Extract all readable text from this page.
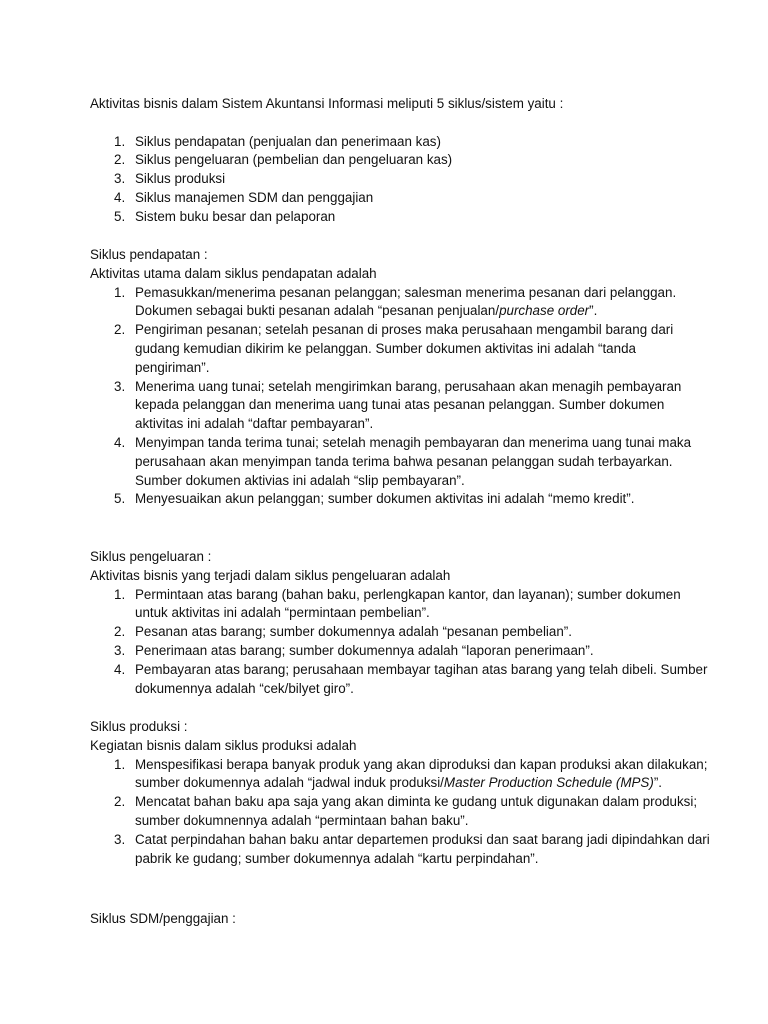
Aktivitas bisnis dalam Sistem Akuntansi Informasi meliputi 5 siklus/sistem yaitu :

1. Siklus pendapatan (penjualan dan penerimaan kas)
2. Siklus pengeluaran (pembelian dan pengeluaran kas)
3. Siklus produksi
4. Siklus manajemen SDM dan penggajian
5. Sistem buku besar dan pelaporan

Siklus pendapatan :

Aktivitas utama dalam siklus pendapatan adalah

1. Pemasukkan/menerima pesanan pelanggan; salesman menerima pesanan dari pelanggan. Dokumen sebagai bukti pesanan adalah “pesanan penjualan/purchase order”.
2. Pengiriman pesanan; setelah pesanan di proses maka perusahaan mengambil barang dari gudang kemudian dikirim ke pelanggan. Sumber dokumen aktivitas ini adalah “tanda pengiriman”.
3. Menerima uang tunai; setelah mengirimkan barang, perusahaan akan menagih pembayaran kepada pelanggan dan menerima uang tunai atas pesanan pelanggan. Sumber dokumen aktivitas ini adalah “daftar pembayaran”.
4. Menyimpan tanda terima tunai; setelah menagih pembayaran dan menerima uang tunai maka perusahaan akan menyimpan tanda terima bahwa pesanan pelanggan sudah terbayarkan. Sumber dokumen aktivias ini adalah “slip pembayaran”.
5. Menyesuaikan akun pelanggan; sumber dokumen aktivitas ini adalah “memo kredit”.

Siklus pengeluaran :

Aktivitas bisnis yang terjadi dalam siklus pengeluaran adalah

1. Permintaan atas barang (bahan baku, perlengkapan kantor, dan layanan); sumber dokumen untuk aktivitas ini adalah “permintaan pembelian”.
2. Pesanan atas barang; sumber dokumennya adalah “pesanan pembelian”.
3. Penerimaan atas barang; sumber dokumennya adalah “laporan penerimaan”.
4. Pembayaran atas barang; perusahaan membayar tagihan atas barang yang telah dibeli. Sumber dokumennya adalah “cek/bilyet giro”.

Siklus produksi :

Kegiatan bisnis dalam siklus produksi adalah

1. Menspesifikasi berapa banyak produk yang akan diproduksi dan kapan produksi akan dilakukan; sumber dokumennya adalah “jadwal induk produksi/Master Production Schedule (MPS)”.
2. Mencatat bahan baku apa saja yang akan diminta ke gudang untuk digunakan dalam produksi; sumber dokumnennya adalah “permintaan bahan baku”.
3. Catat perpindahan bahan baku antar departemen produksi dan saat barang jadi dipindahkan dari pabrik ke gudang; sumber dokumennya adalah “kartu perpindahan”.

Siklus SDM/penggajian :
